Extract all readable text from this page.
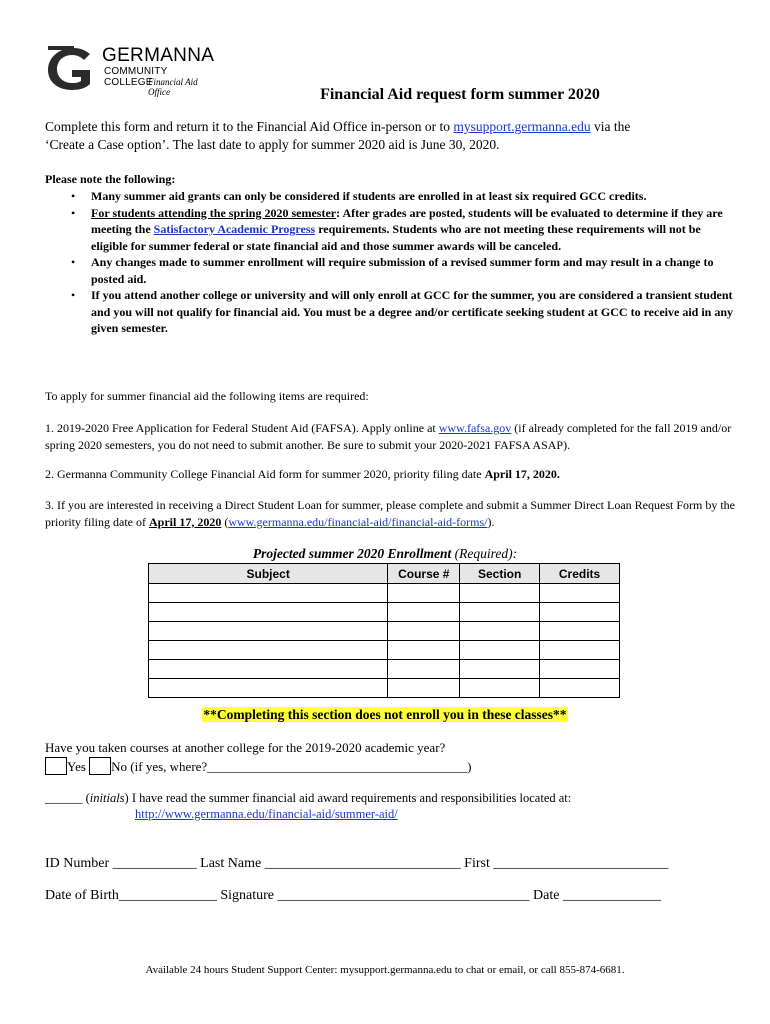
GERMANNA
COMMUNITY COLLEGE
Financial Aid Office	Financial Aid request form summer 2020
Complete this form and return it to the Financial Aid Office in-person or to mysupport.germanna.edu via the
‘Create a Case option’. The last date to apply for summer 2020 aid is June 30, 2020.
Please note the following:
• Many summer aid grants can only be considered if students are enrolled in at least six required GCC credits.
• For students attending the spring 2020 semester: After grades are posted, students will be evaluated to determine if they are meeting the Satisfactory Academic Progress requirements. Students who are not meeting these requirements will not be eligible for summer federal or state financial aid and those summer awards will be canceled.
• Any changes made to summer enrollment will require submission of a revised summer form and may result in a change to posted aid.
• If you attend another college or university and will only enroll at GCC for the summer, you are considered a transient student and you will not qualify for financial aid. You must be a degree and/or certificate seeking student at GCC to receive aid in any given semester.
To apply for summer financial aid the following items are required:
1. 2019-2020 Free Application for Federal Student Aid (FAFSA). Apply online at www.fafsa.gov (if already completed for the fall 2019 and/or spring 2020 semesters, you do not need to submit another. Be sure to submit your 2020-2021 FAFSA ASAP).
2. Germanna Community College Financial Aid form for summer 2020, priority filing date April 17, 2020.
3. If you are interested in receiving a Direct Student Loan for summer, please complete and submit a Summer Direct Loan Request Form by the priority filing date of April 17, 2020 (www.germanna.edu/financial-aid/financial-aid-forms/).
Projected summer 2020 Enrollment (Required):
Subject	Course #	Section	Credits

**Completing this section does not enroll you in these classes**
Have you taken courses at another college for the 2019-2020 academic year?
Yes No (if yes, where?________________________________________)
______ (initials) I have read the summer financial aid award requirements and responsibilities located at:
http://www.germanna.edu/financial-aid/summer-aid/
ID Number ____________ Last Name ____________________________ First _________________________
Date of Birth______________ Signature ____________________________________ Date ______________
Available 24 hours Student Support Center: mysupport.germanna.edu to chat or email, or call 855-874-6681.
